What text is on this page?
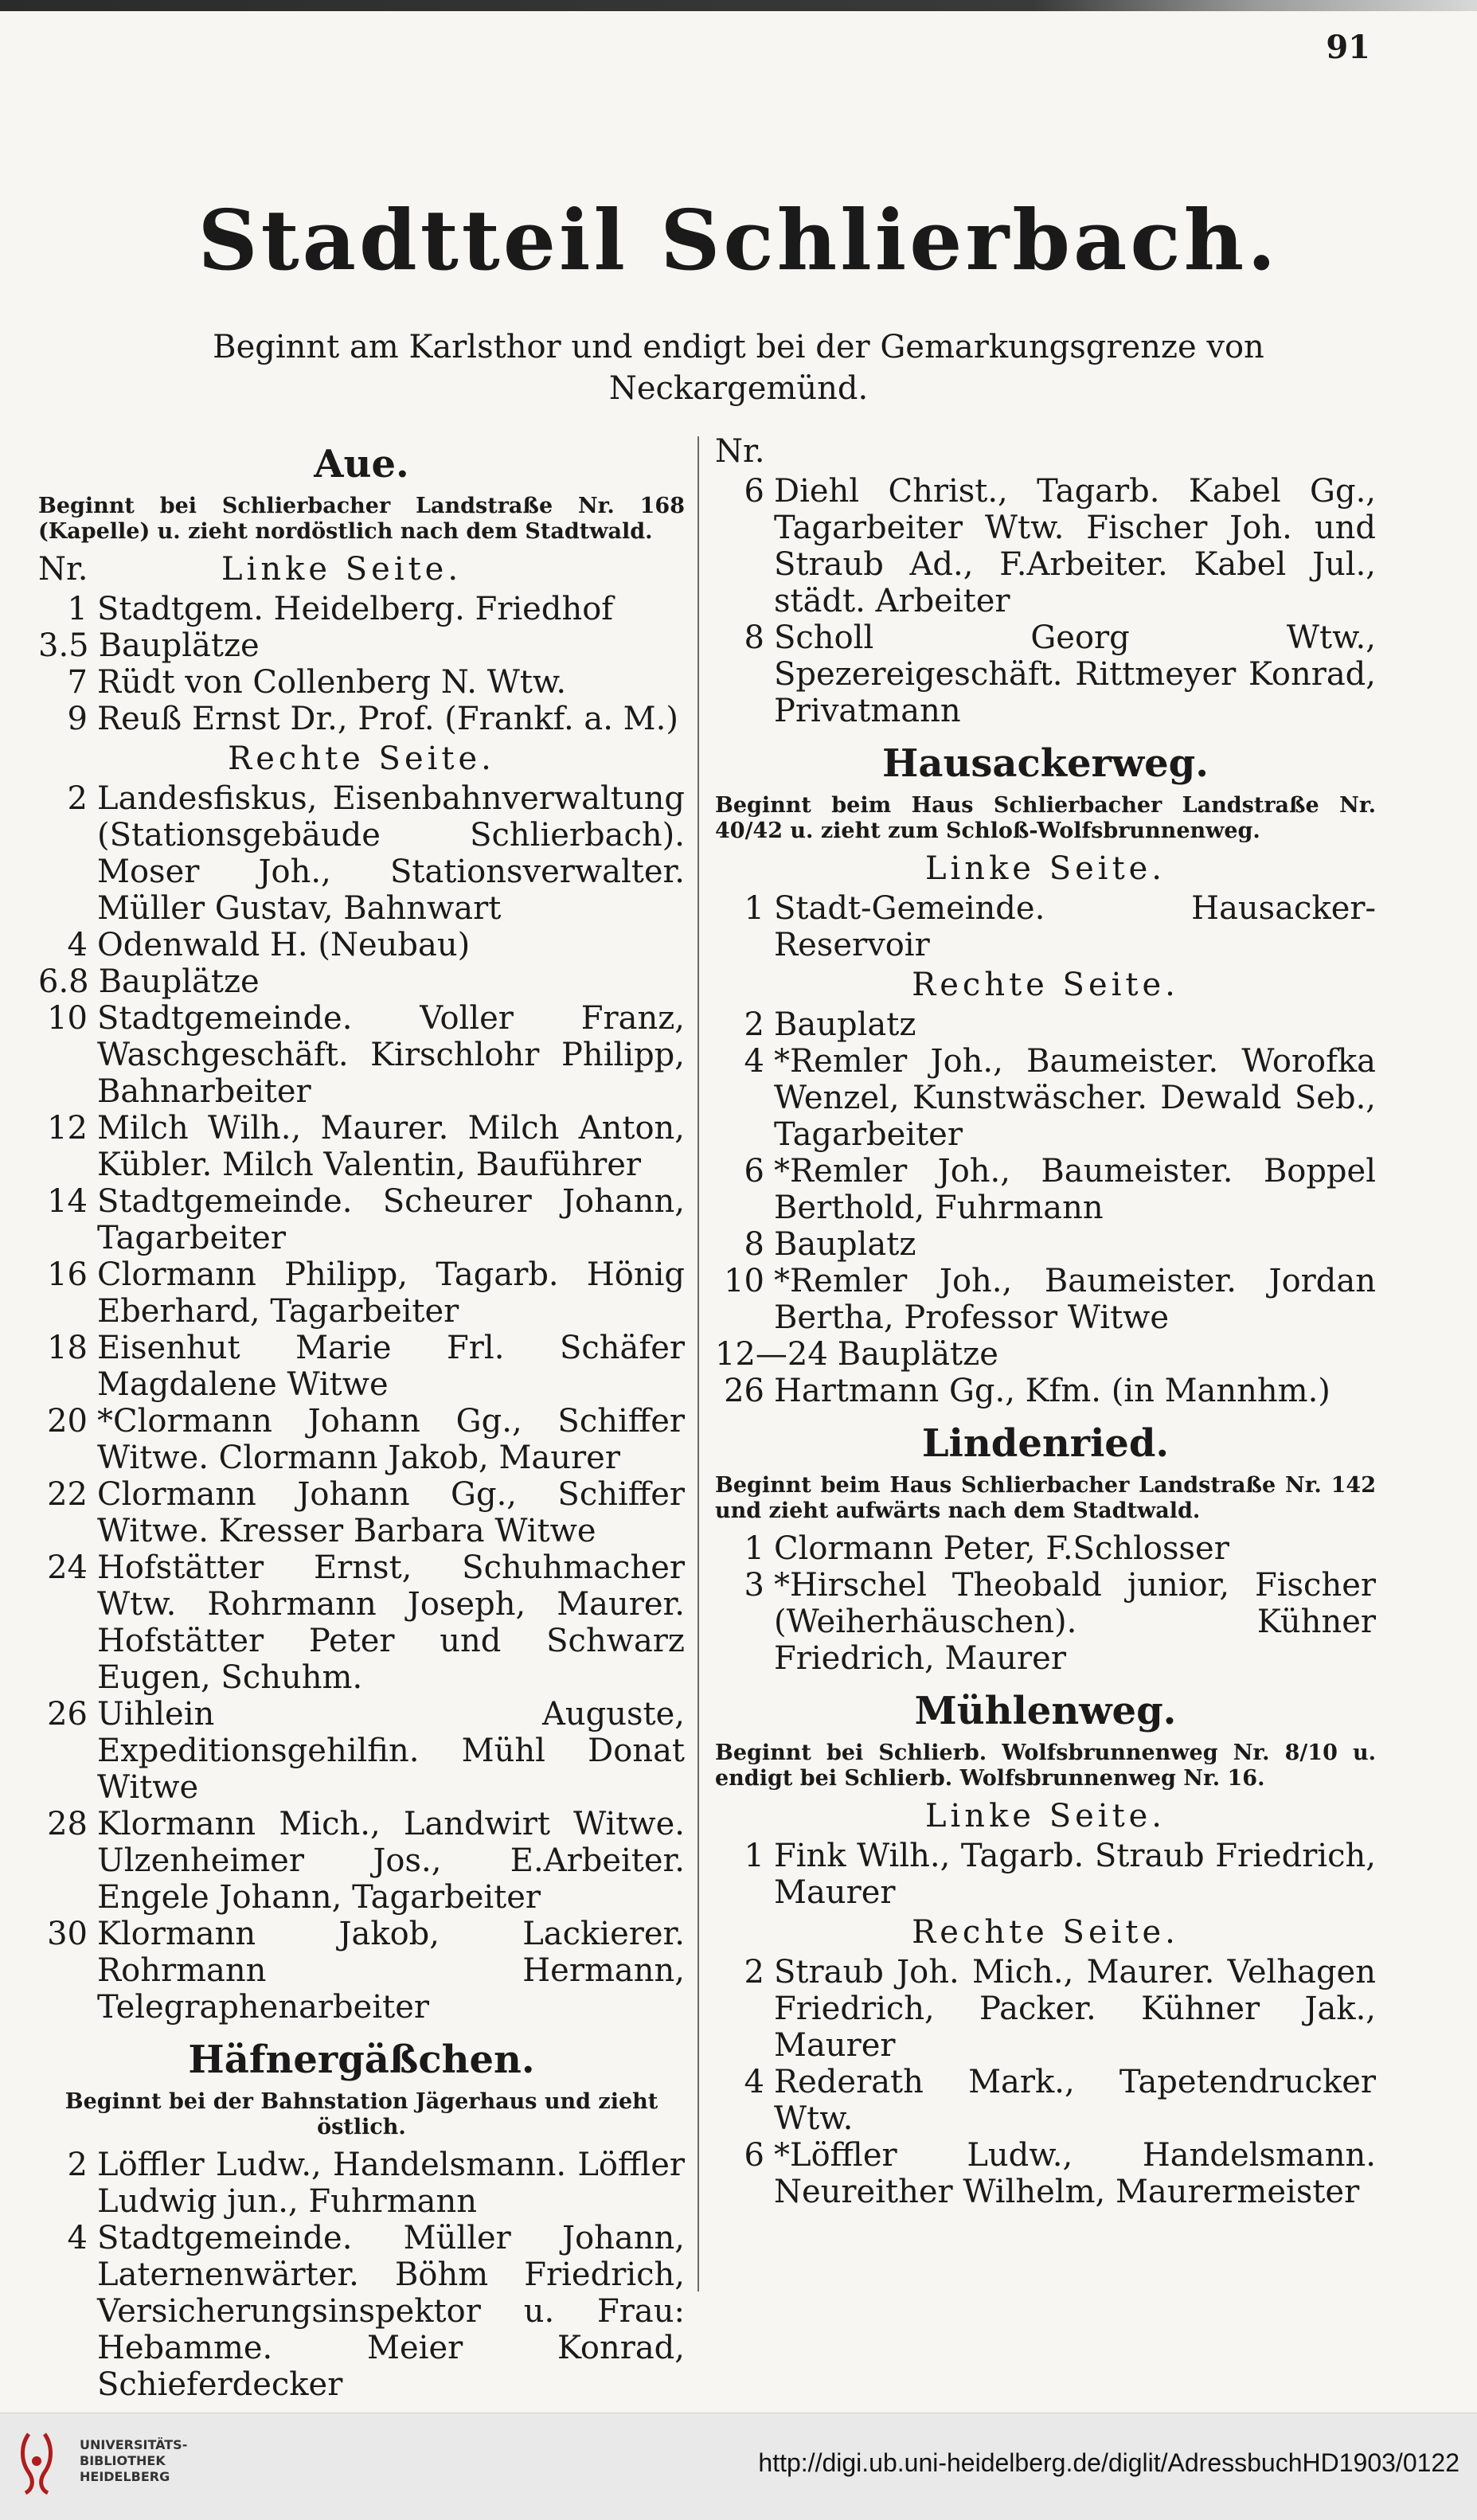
91
Stadtteil Schlierbach.
Beginnt am Karlsthor und endigt bei der Gemarkungsgrenze von Neckargemünd.
Aue.
Beginnt bei Schlierbacher Landstraße Nr. 168 (Kapelle) u. zieht nordöstlich nach dem Stadtwald.
Nr.	Linke Seite.
1 Stadtgem. Heidelberg. Friedhof
3.5 Bauplätze
7 Rüdt von Collenberg N. Wtw.
9 Reuß Ernst Dr., Prof. (Frankf. a. M.)
Rechte Seite.
2 Landesfiskus, Eisenbahnverwaltung (Stationsgebäude Schlierbach). Moser Joh., Stationsverwalter. Müller Gustav, Bahnwart
4 Odenwald H. (Neubau)
6.8 Bauplätze
10 Stadtgemeinde. Voller Franz, Waschgeschäft. Kirschlohr Philipp, Bahnarbeiter
12 Milch Wilh., Maurer. Milch Anton, Kübler. Milch Valentin, Bauführer
14 Stadtgemeinde. Scheurer Johann, Tagarbeiter
16 Clormann Philipp, Tagarb. Hönig Eberhard, Tagarbeiter
18 Eisenhut Marie Frl. Schäfer Magdalene Witwe
20 *Clormann Johann Gg., Schiffer Witwe. Clormann Jakob, Maurer
22 Clormann Johann Gg., Schiffer Witwe. Kresser Barbara Witwe
24 Hofstätter Ernst, Schuhmacher Wtw. Rohrmann Joseph, Maurer. Hofstätter Peter und Schwarz Eugen, Schuhm.
26 Uihlein Auguste, Expeditionsgehilfin. Mühl Donat Witwe
28 Klormann Mich., Landwirt Witwe. Ulzenheimer Jos., E.Arbeiter. Engele Johann, Tagarbeiter
30 Klormann Jakob, Lackierer. Rohrmann Hermann, Telegraphenarbeiter
Häfnergäßchen.
Beginnt bei der Bahnstation Jägerhaus und zieht östlich.
2 Löffler Ludw., Handelsmann. Löffler Ludwig jun., Fuhrmann
4 Stadtgemeinde. Müller Johann, Laternenwärter. Böhm Friedrich, Versicherungsinspektor u. Frau: Hebamme. Meier Konrad, Schieferdecker
Nr.
6 Diehl Christ., Tagarb. Kabel Gg., Tagarbeiter Wtw. Fischer Joh. und Straub Ad., F.Arbeiter. Kabel Jul., städt. Arbeiter
8 Scholl Georg Wtw., Spezereigeschäft. Rittmeyer Konrad, Privatmann
Hausackerweg.
Beginnt beim Haus Schlierbacher Landstraße Nr. 40/42 u. zieht zum Schloß-Wolfsbrunnenweg.
Linke Seite.
1 Stadt-Gemeinde. Hausacker-Reservoir
Rechte Seite.
2 Bauplatz
4 *Remler Joh., Baumeister. Worofka Wenzel, Kunstwäscher. Dewald Seb., Tagarbeiter
6 *Remler Joh., Baumeister. Boppel Berthold, Fuhrmann
8 Bauplatz
10 *Remler Joh., Baumeister. Jordan Bertha, Professor Witwe
12—24 Bauplätze
26 Hartmann Gg., Kfm. (in Mannhm.)
Lindenried.
Beginnt beim Haus Schlierbacher Landstraße Nr. 142 und zieht aufwärts nach dem Stadtwald.
1 Clormann Peter, F.Schlosser
3 *Hirschel Theobald junior, Fischer (Weiherhäuschen). Kühner Friedrich, Maurer
Mühlenweg.
Beginnt bei Schlierb. Wolfsbrunnenweg Nr. 8/10 u. endigt bei Schlierb. Wolfsbrunnenweg Nr. 16.
Linke Seite.
1 Fink Wilh., Tagarb. Straub Friedrich, Maurer
Rechte Seite.
2 Straub Joh. Mich., Maurer. Velhagen Friedrich, Packer. Kühner Jak., Maurer
4 Rederath Mark., Tapetendrucker Wtw.
6 *Löffler Ludw., Handelsmann. Neureither Wilhelm, Maurermeister
UNIVERSITÄTS-
BIBLIOTHEK
HEIDELBERG	http://digi.ub.uni-heidelberg.de/diglit/AdressbuchHD1903/0122
